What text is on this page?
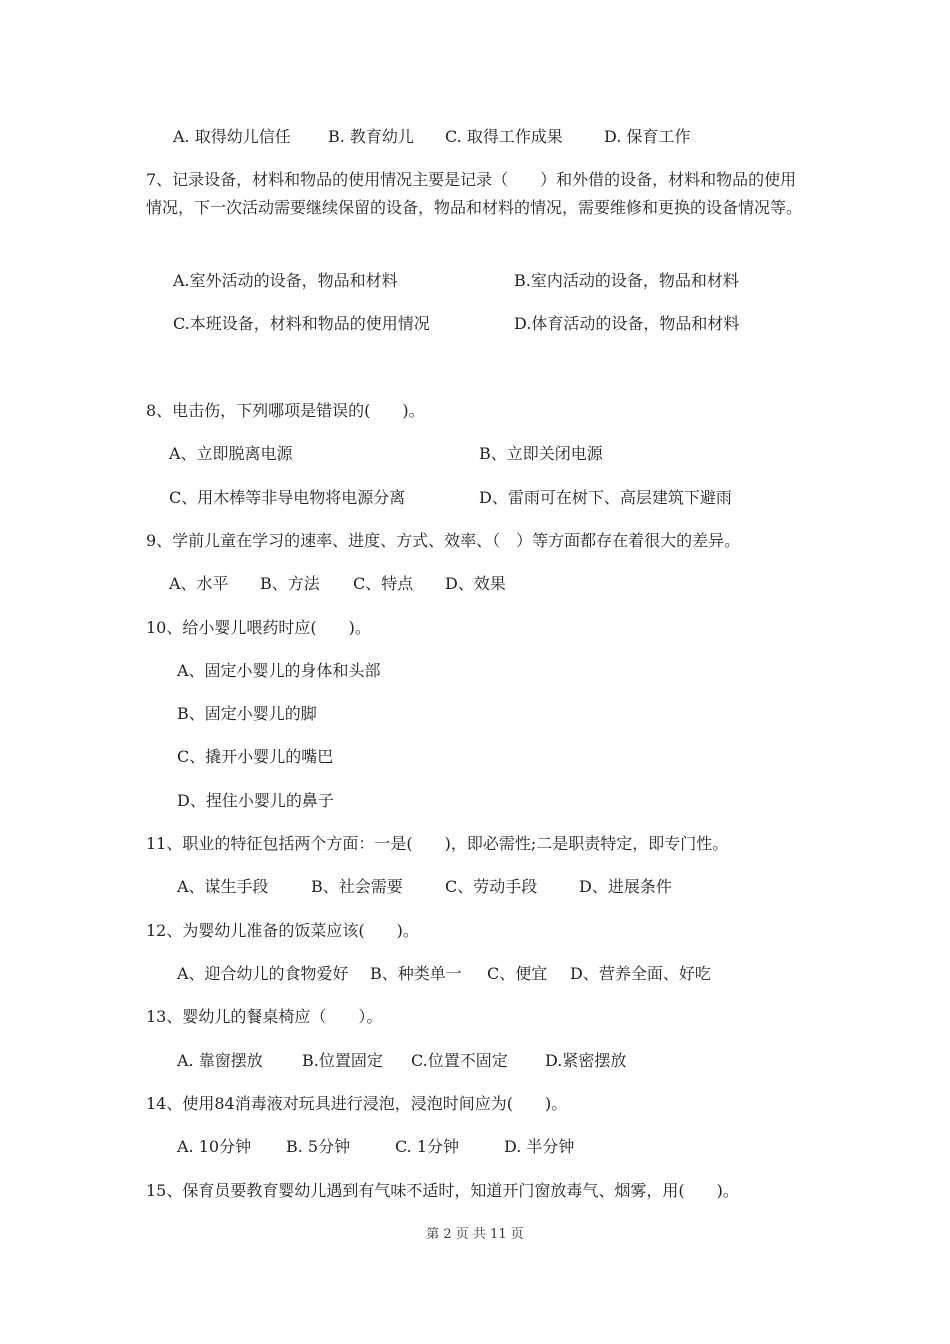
A. 取得幼儿信任 B. 教育幼儿 C. 取得工作成果	D. 保育工作
7、记录设备，材料和物品的使用情况主要是记录（　　）和外借的设备，材料和物品的使用情况，下一次活动需要继续保留的设备，物品和材料的情况，需要维修和更换的设备情况等。
A.室外活动的设备，物品和材料	B.室内活动的设备，物品和材料
C.本班设备，材料和物品的使用情况	D.体育活动的设备，物品和材料
8、电击伤，下列哪项是错误的(　　)。
A、立即脱离电源	B、立即关闭电源
C、用木棒等非导电物将电源分离	D、雷雨可在树下、高层建筑下避雨
9、学前儿童在学习的速率、进度、方式、效率、（　）等方面都存在着很大的差异。
A、水平 B、方法 C、特点 D、效果
10、给小婴儿喂药时应(　　)。
A、固定小婴儿的身体和头部
B、固定小婴儿的脚
C、撬开小婴儿的嘴巴
D、捏住小婴儿的鼻子
11、职业的特征包括两个方面：一是(　　)，即必需性;二是职责特定，即专门性。
A、谋生手段	B、社会需要	C、劳动手段	D、进展条件
12、为婴幼儿准备的饭菜应该(　　)。
A、迎合幼儿的食物爱好 B、种类单一 C、便宜 D、营养全面、好吃
13、婴幼儿的餐桌椅应（　　）。
A. 靠窗摆放 B.位置固定 C.位置不固定 D.紧密摆放
14、使用84消毒液对玩具进行浸泡，浸泡时间应为(　　)。
A. 10分钟 B. 5分钟	C. 1分钟	D. 半分钟
15、保育员要教育婴幼儿遇到有气味不适时，知道开门窗放毒气、烟雾，用(　　)。
第 2 页 共 11 页
